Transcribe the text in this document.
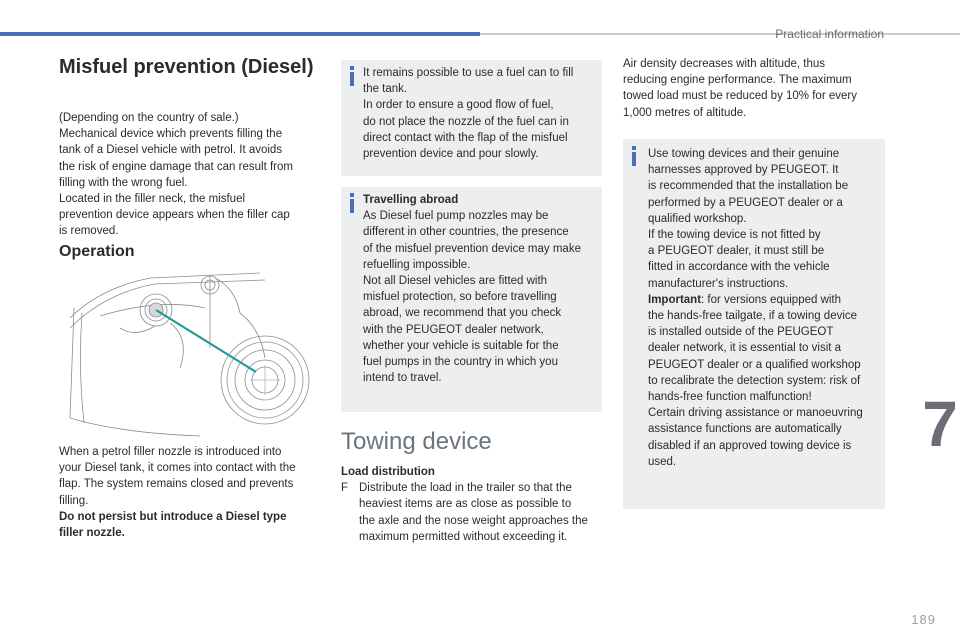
Practical information
7
189
Misfuel prevention (Diesel)
(Depending on the country of sale.)
Mechanical device which prevents filling the
tank of a Diesel vehicle with petrol. It avoids
the risk of engine damage that can result from
filling with the wrong fuel.
Located in the filler neck, the misfuel
prevention device appears when the filler cap
is removed.
Operation
When a petrol filler nozzle is introduced into
your Diesel tank, it comes into contact with the
flap. The system remains closed and prevents
filling.
Do not persist but introduce a Diesel type
filler nozzle.
It remains possible to use a fuel can to fill
the tank.
In order to ensure a good flow of fuel,
do not place the nozzle of the fuel can in
direct contact with the flap of the misfuel
prevention device and pour slowly.
Travelling abroad
As Diesel fuel pump nozzles may be
different in other countries, the presence
of the misfuel prevention device may make
refuelling impossible.
Not all Diesel vehicles are fitted with
misfuel protection, so before travelling
abroad, we recommend that you check
with the PEUGEOT dealer network,
whether your vehicle is suitable for the
fuel pumps in the country in which you
intend to travel.
Towing device
Load distribution
F Distribute the load in the trailer so that the
heaviest items are as close as possible to
the axle and the nose weight approaches the
maximum permitted without exceeding it.
Air density decreases with altitude, thus
reducing engine performance. The maximum
towed load must be reduced by 10% for every
1,000 metres of altitude.
Use towing devices and their genuine
harnesses approved by PEUGEOT. It
is recommended that the installation be
performed by a PEUGEOT dealer or a
qualified workshop.
If the towing device is not fitted by
a PEUGEOT dealer, it must still be
fitted in accordance with the vehicle
manufacturer's instructions.
Important: for versions equipped with
the hands-free tailgate, if a towing device
is installed outside of the PEUGEOT
dealer network, it is essential to visit a
PEUGEOT dealer or a qualified workshop
to recalibrate the detection system: risk of
hands-free function malfunction!
Certain driving assistance or manoeuvring
assistance functions are automatically
disabled if an approved towing device is
used.
